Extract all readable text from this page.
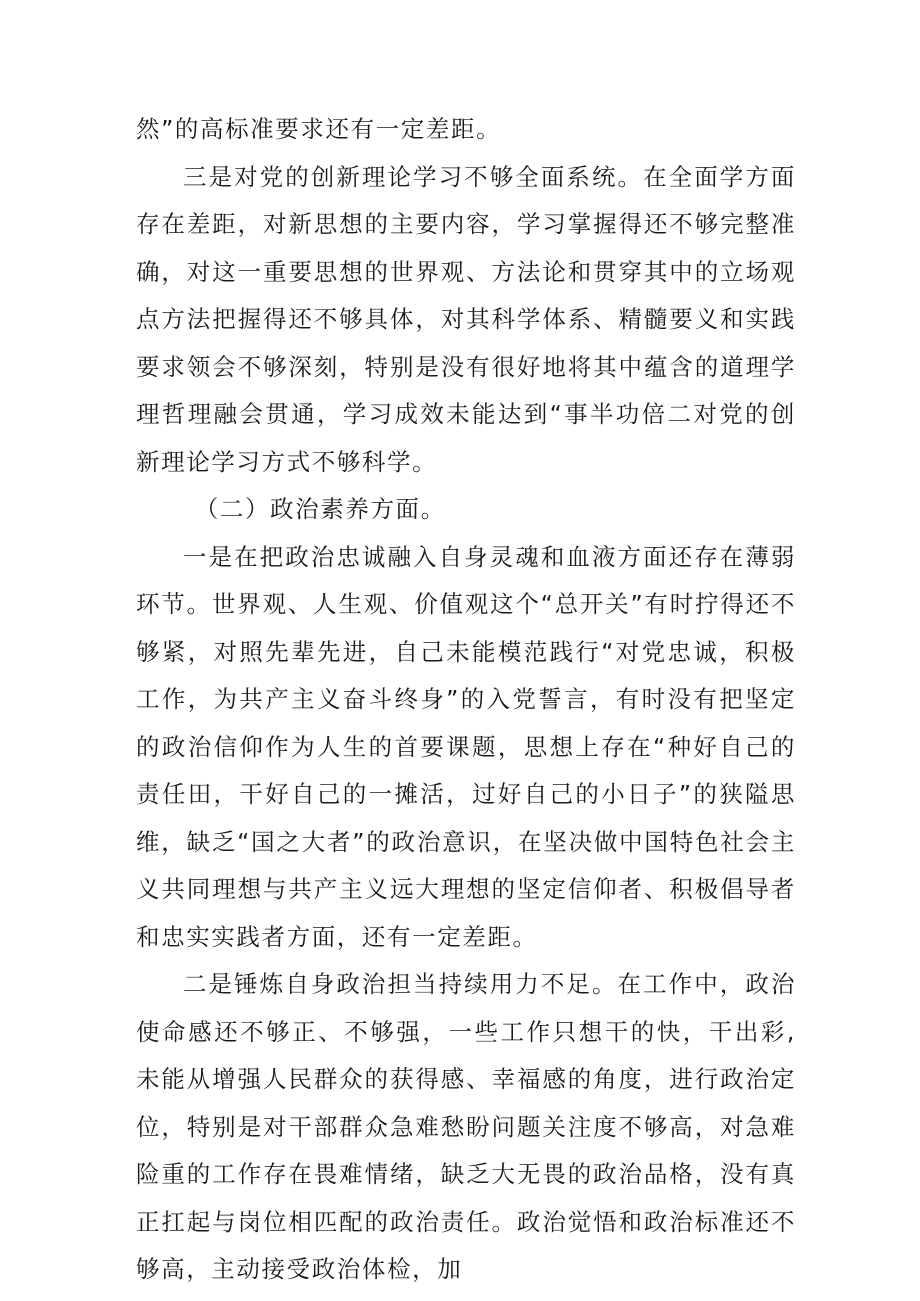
然”的高标准要求还有一定差距。

三是对党的创新理论学习不够全面系统。在全面学方面存在差距，对新思想的主要内容，学习掌握得还不够完整准确，对这一重要思想的世界观、方法论和贯穿其中的立场观点方法把握得还不够具体，对其科学体系、精髓要义和实践要求领会不够深刻，特别是没有很好地将其中蕴含的道理学理哲理融会贯通，学习成效未能达到“事半功倍二对党的创新理论学习方式不够科学。

（二）政治素养方面。

一是在把政治忠诚融入自身灵魂和血液方面还存在薄弱环节。世界观、人生观、价值观这个“总开关”有时拧得还不够紧，对照先辈先进，自己未能模范践行“对党忠诚，积极工作，为共产主义奋斗终身”的入党誓言，有时没有把坚定的政治信仰作为人生的首要课题，思想上存在“种好自己的责任田，干好自己的一摊活，过好自己的小日子”的狭隘思维，缺乏“国之大者”的政治意识，在坚决做中国特色社会主义共同理想与共产主义远大理想的坚定信仰者、积极倡导者和忠实实践者方面，还有一定差距。

二是锤炼自身政治担当持续用力不足。在工作中，政治使命感还不够正、不够强，一些工作只想干的快，干出彩,未能从增强人民群众的获得感、幸福感的角度，进行政治定位，特别是对干部群众急难愁盼问题关注度不够高，对急难险重的工作存在畏难情绪，缺乏大无畏的政治品格，没有真正扛起与岗位相匹配的政治责任。政治觉悟和政治标准还不够高，主动接受政治体检，加
